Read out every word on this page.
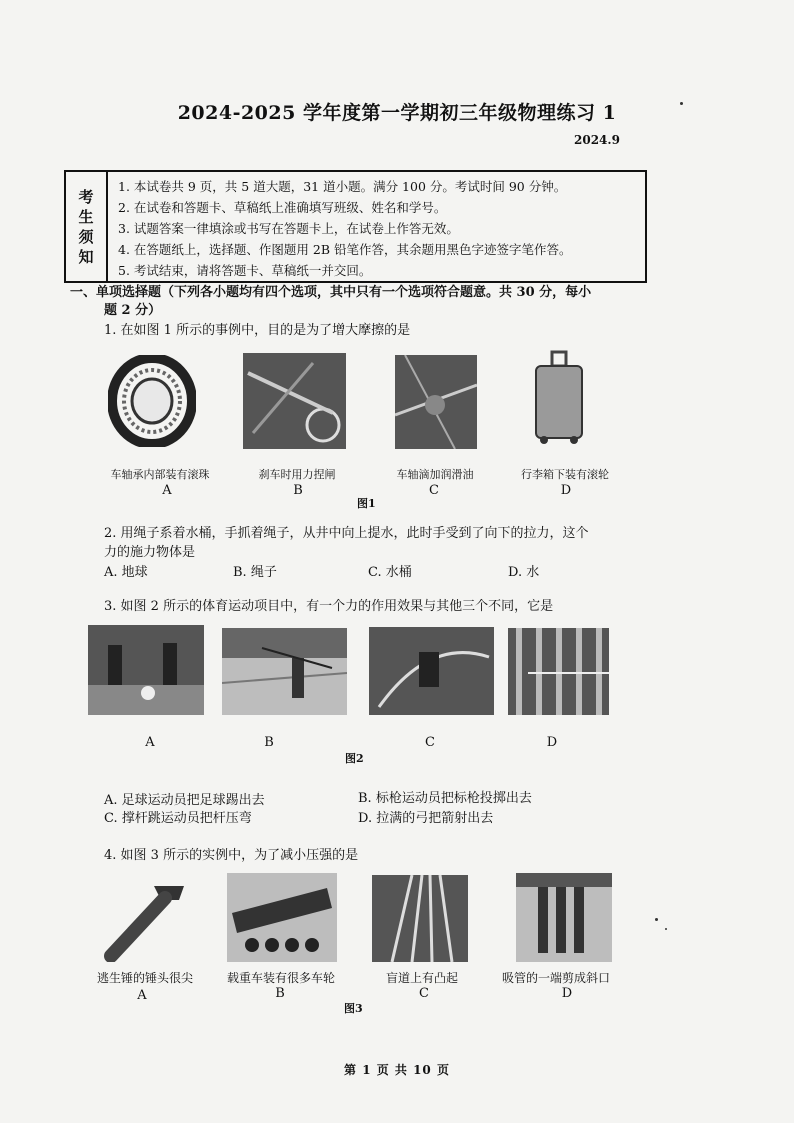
2024-2025 学年度第一学期初三年级物理练习 1
2024.9
考
生
须
知
1. 本试卷共 9 页，共 5 道大题，31 道小题。满分 100 分。考试时间 90 分钟。
2. 在试卷和答题卡、草稿纸上准确填写班级、姓名和学号。
3. 试题答案一律填涂或书写在答题卡上，在试卷上作答无效。
4. 在答题纸上，选择题、作图题用 2B 铅笔作答，其余题用黑色字迹签字笔作答。
5. 考试结束，请将答题卡、草稿纸一并交回。
一、单项选择题（下列各小题均有四个选项，其中只有一个选项符合题意。共 30 分，每小
题 2 分）
1. 在如图 1 所示的事例中，目的是为了增大摩擦的是
车轴承内部装有滚珠	刹车时用力捏闸	车轴滴加润滑油	行李箱下装有滚轮
A	B	C	D
图1
2. 用绳子系着水桶，手抓着绳子，从井中向上提水，此时手受到了向下的拉力，这个
力的施力物体是
A. 地球	B. 绳子	C. 水桶	D. 水
3. 如图 2 所示的体育运动项目中，有一个力的作用效果与其他三个不同，它是
A	B	C	D
图2
A. 足球运动员把足球踢出去	B. 标枪运动员把标枪投掷出去
C. 撑杆跳运动员把杆压弯	D. 拉满的弓把箭射出去
4. 如图 3 所示的实例中，为了减小压强的是
逃生锤的锤头很尖	载重车装有很多车轮	盲道上有凸起	吸管的一端剪成斜口
A	B	C	D
图3
第 1 页 共 10 页
